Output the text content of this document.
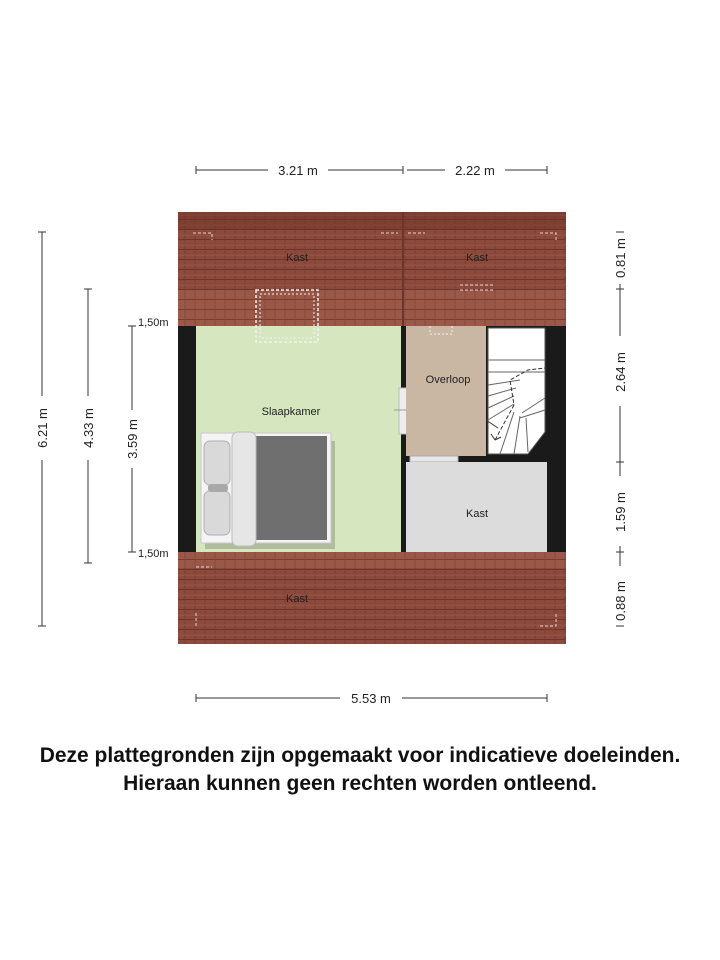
3.21 m	2.22 m
Kast	Kast
Kast
Slaapkamer
Overloop
Kast
6.21 m 4.33 m 3.59 m
1,50m
1,50m
0.81 m
2.64 m
1.59 m
0.88 m
5.53 m
Deze plattegronden zijn opgemaakt voor indicatieve doeleinden.
Hieraan kunnen geen rechten worden ontleend.
